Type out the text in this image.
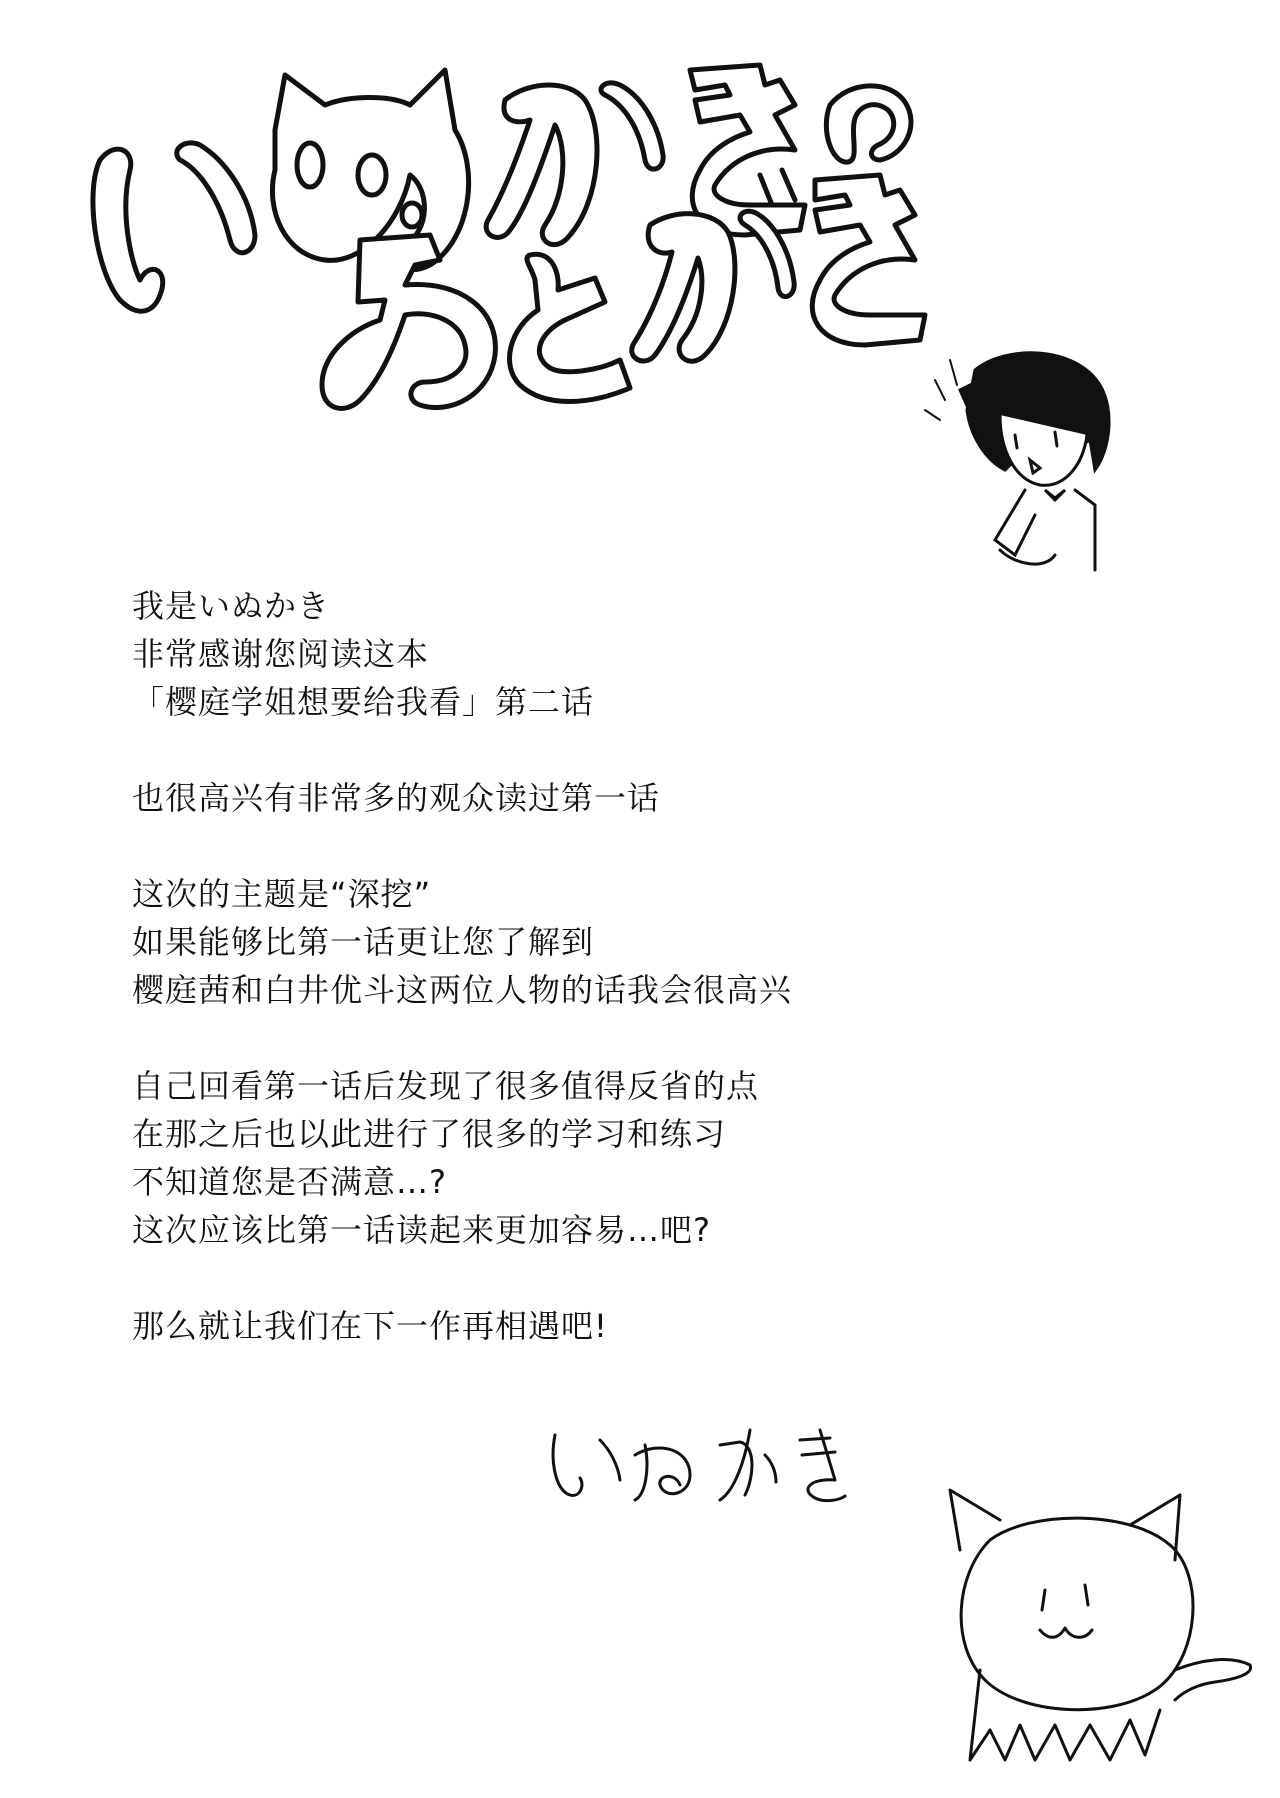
我是いぬかき
非常感谢您阅读这本
「樱庭学姐想要给我看」第二话
也很高兴有非常多的观众读过第一话
这次的主题是“深挖”
如果能够比第一话更让您了解到
樱庭茜和白井优斗这两位人物的话我会很高兴
自己回看第一话后发现了很多值得反省的点
在那之后也以此进行了很多的学习和练习
不知道您是否满意…?
这次应该比第一话读起来更加容易…吧?
那么就让我们在下一作再相遇吧!
